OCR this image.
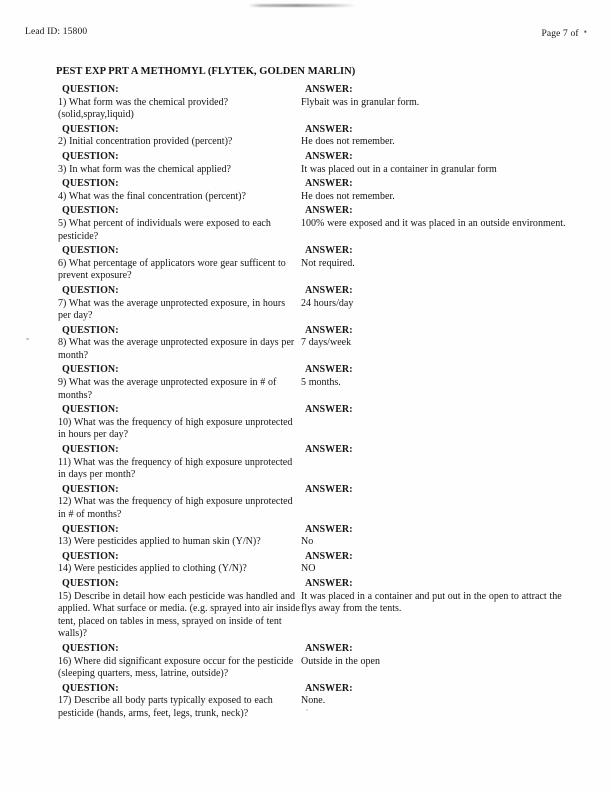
Lead ID: 15800	Page 7 of •
PEST EXP PRT A METHOMYL (FLYTEK, GOLDEN MARLIN)
QUESTION:
1) What form was the chemical provided?(solid,spray,liquid)
ANSWER:
Flybait was in granular form.
QUESTION:
2) Initial concentration provided (percent)?
ANSWER:
He does not remember.
QUESTION:
3) In what form was the chemical applied?
ANSWER:
It was placed out in a container in granular form
QUESTION:
4) What was the final concentration (percent)?
ANSWER:
He does not remember.
QUESTION:
5) What percent of individuals were exposed to each pesticide?
ANSWER:
100% were exposed and it was placed in an outside environment.
QUESTION:
6) What percentage of applicators wore gear sufficent to prevent exposure?
ANSWER:
Not required.
QUESTION:
7) What was the average unprotected exposure, in hours per day?
ANSWER:
24 hours/day
QUESTION:
8) What was the average unprotected exposure in days per month?
ANSWER:
7 days/week
QUESTION:
9) What was the average unprotected exposure in # of months?
ANSWER:
5 months.
QUESTION:
10) What was the frequency of high exposure unprotected in hours per day?
ANSWER:
QUESTION:
11) What was the frequency of high exposure unprotected in days per month?
ANSWER:
QUESTION:
12) What was the frequency of high exposure unprotected in # of months?
ANSWER:
QUESTION:
13) Were pesticides applied to human skin (Y/N)?
ANSWER:
No
QUESTION:
14) Were pesticides applied to clothing (Y/N)?
ANSWER:
NO
QUESTION:
15) Describe in detail how each pesticide was handled and applied. What surface or media. (e.g. sprayed into air inside tent, placed on tables in mess, sprayed on inside of tent walls)?
ANSWER:
It was placed in a container and put out in the open to attract the flys away from the tents.
QUESTION:
16) Where did significant exposure occur for the pesticide (sleeping quarters, mess, latrine, outside)?
ANSWER:
Outside in the open
QUESTION:
17) Describe all body parts typically exposed to each pesticide (hands, arms, feet, legs, trunk, neck)?
ANSWER:
None.
